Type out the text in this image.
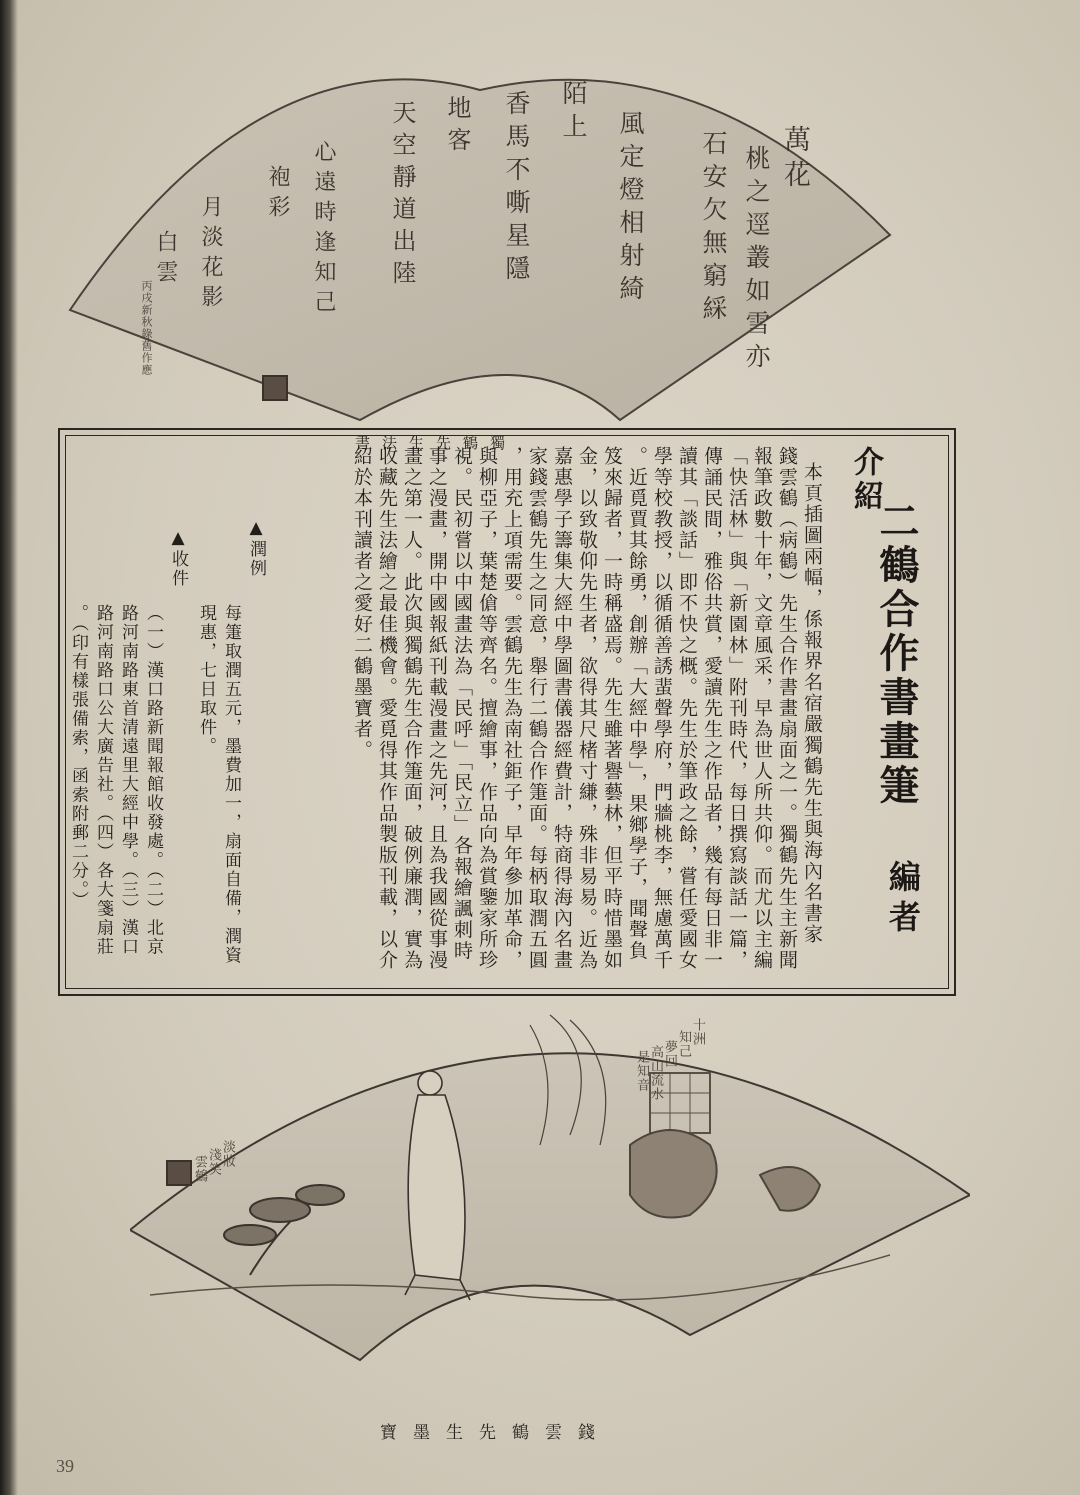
萬花
桃之逕叢如雪亦
石安欠無窮綵
風定燈相射綺
香馬不嘶星隱 陌上
天空靜道出陸 地客
心遠時逢知己
袍彩
月淡花影
白雲
丙戌新秋錄舊作應
獨鶴先生法書
介紹
二鶴合作書畫箑
編者
本頁插圖兩幅，係報界名宿嚴獨鶴先生與海內名書家
錢雲鶴（病鶴）先生合作書畫扇面之一。獨鶴先生主新聞
報筆政數十年，文章風采，早為世人所共仰。而尤以主編
「快活林」與「新園林」附刊時代，每日撰寫談話一篇，
傳誦民間，雅俗共賞，愛讀先生之作品者，幾有每日非一
讀其「談話」即不快之概。先生於筆政之餘，嘗任愛國女
學等校教授，以循循善誘蜚聲學府，門牆桃李，無慮萬千
。近覓賈其餘勇，創辦「大經中學」，果鄉學子，聞聲負
笈來歸者，一時稱盛焉。先生雖著譽藝林，但平時惜墨如
金，以致敬仰先生者，欲得其尺楮寸縑，殊非易易。近為
嘉惠學子籌集大經中學圖書儀器經費計，特商得海內名畫
家錢雲鶴先生之同意，舉行二鶴合作箑面。每柄取潤五圓
，用充上項需要。雲鶴先生為南社鉅子，早年參加革命，
與柳亞子，葉楚傖等齊名。擅繪事，作品向為賞鑒家所珍
視。民初嘗以中國畫法為「民呼」「民立」各報繪諷刺時
事之漫畫，開中國報紙刊載漫畫之先河，且為我國從事漫
畫之第一人。此次與獨鶴先生合作箑面，破例廉潤，實為
收藏先生法繪之最佳機會。愛覓得其作品製版刊載，以介
紹於本刊讀者之愛好二鶴墨寶者。
▲潤例
每箑取潤五元，墨費加一，扇面自備，潤資
現惠，七日取件。
▲收件
（一）漢口路新聞報館收發處。（二）北京
路河南路東首清遠里大經中學。（三）漢口
路河南路口公大廣告社。（四）各大箋扇莊
。（印有樣張備索，函索附郵二分。）
十洲
知己
夢回
高山流水
是知音
淡妝
淺笑
雲鶴
錢雲鶴先生墨寶
39
